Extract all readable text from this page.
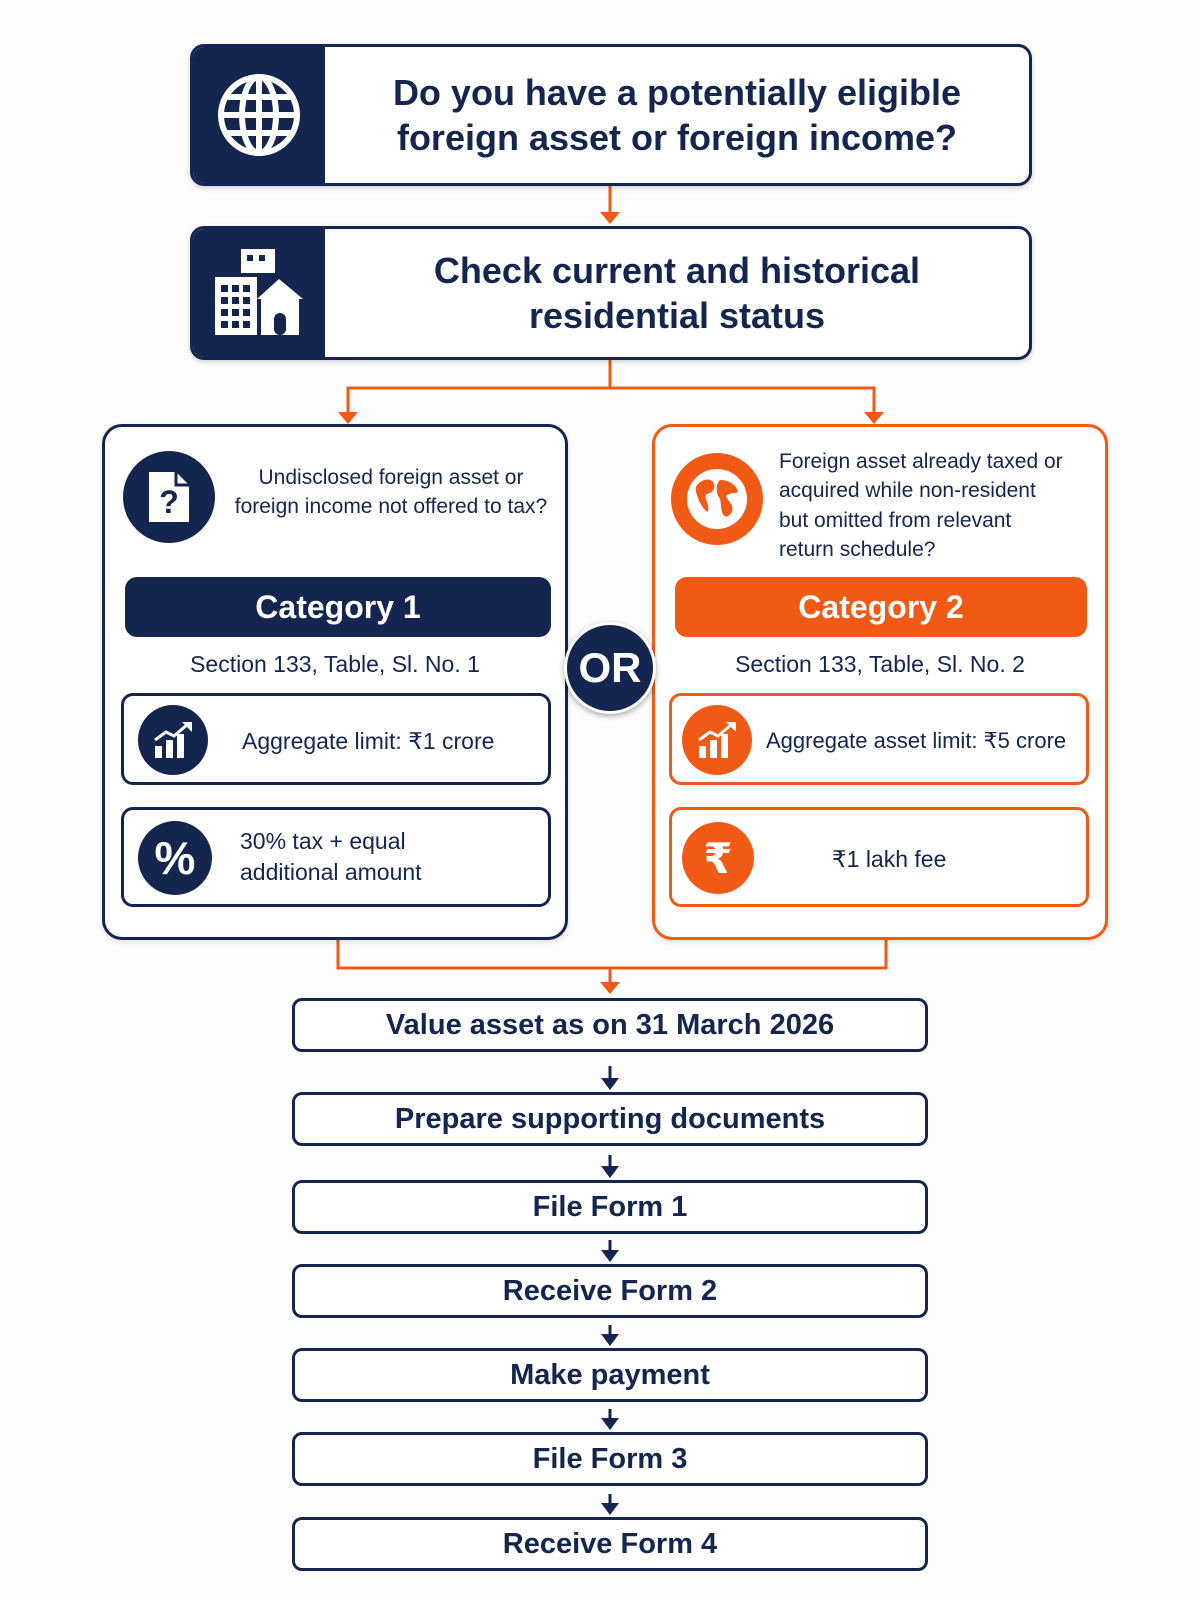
Do you have a potentially eligible
foreign asset or foreign income?
Check current and historical
residential status
?
Undisclosed foreign asset or
foreign income not offered to tax?
Category 1
Section 133, Table, Sl. No. 1
Aggregate limit: ₹1 crore
%	30% tax + equal
additional amount
Foreign asset already taxed or
acquired while non-resident
but omitted from relevant
return schedule?
Category 2
Section 133, Table, Sl. No. 2
Aggregate asset limit: ₹5 crore
₹	₹1 lakh fee
OR
Value asset as on 31 March 2026
Prepare supporting documents
File Form 1
Receive Form 2
Make payment
File Form 3
Receive Form 4
